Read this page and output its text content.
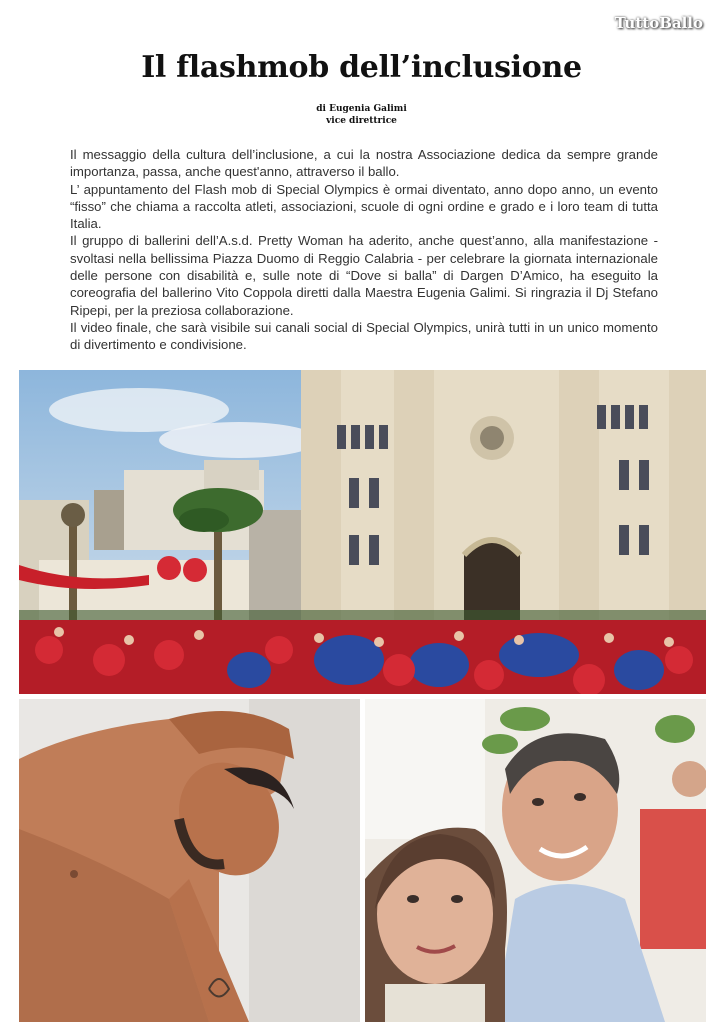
TuttoBallo
Il flashmob dell’inclusione
di Eugenia Galimi
vice direttrice

Il messaggio della cultura dell’inclusione, a cui la nostra Associazione dedica da sempre grande importanza, passa, anche quest'anno, attraverso il ballo.

L’ appuntamento del Flash mob di Special Olympics è ormai diventato, anno dopo anno, un evento “fisso” che chiama a raccolta atleti, associazioni, scuole di ogni ordine e grado e i loro team di tutta Italia.

Il gruppo di ballerini dell’A.s.d. Pretty Woman ha aderito, anche quest’anno, alla manifestazione - svoltasi nella bellissima Piazza Duomo di Reggio Calabria - per celebrare la giornata internazionale delle persone con disabilità e, sulle note di “Dove si balla” di Dargen D’Amico, ha eseguito la coreografia del ballerino Vito Coppola diretti dalla Maestra Eugenia Galimi. Si ringrazia il Dj Stefano Ripepi, per la preziosa collaborazione.

Il video finale, che sarà visibile sui canali social di Special Olympics, unirà tutti in un unico momento di divertimento e condivisione.
